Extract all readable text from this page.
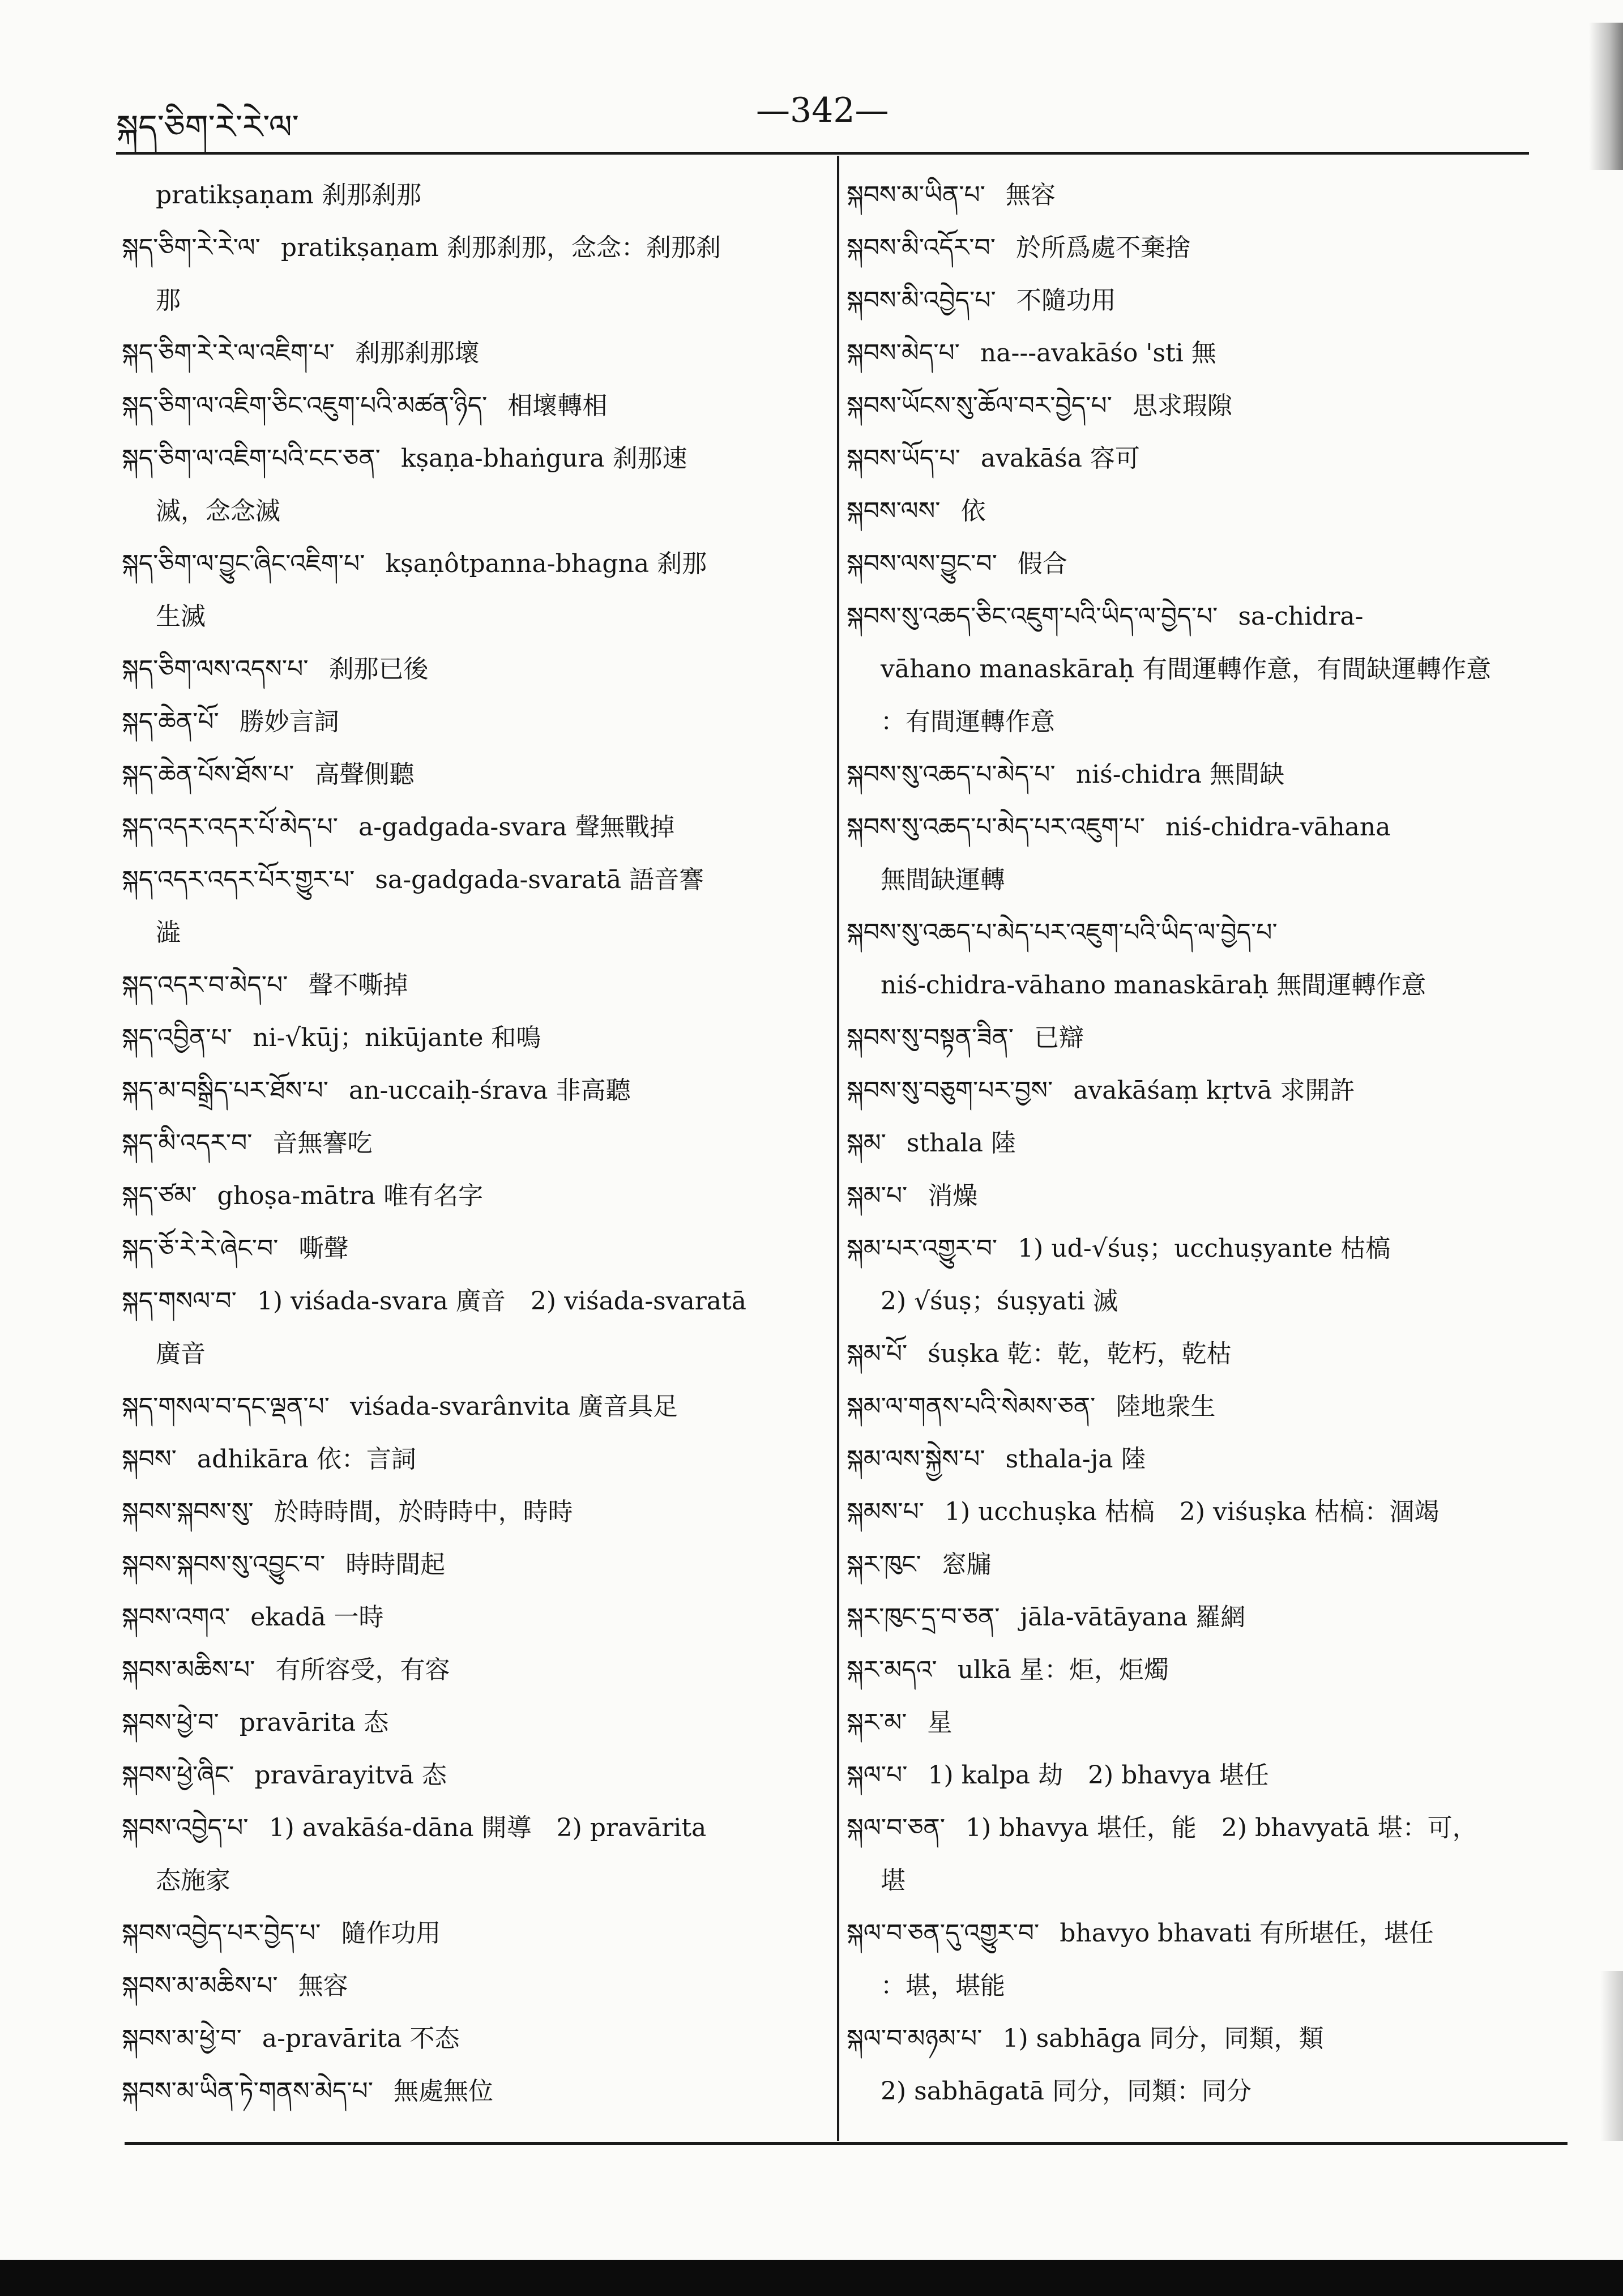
སྐད་ཅིག་རེ་རེ་ལ་	—342—
pratikṣaṇam 刹那刹那
སྐད་ཅིག་རེ་རེ་ལ་ pratikṣaṇam 刹那刹那，念念：刹那刹
那
སྐད་ཅིག་རེ་རེ་ལ་འཇིག་པ་ 刹那刹那壞
སྐད་ཅིག་ལ་འཇིག་ཅིང་འཇུག་པའི་མཚན་ཉིད་ 相壞轉相
སྐད་ཅིག་ལ་འཇིག་པའི་ངང་ཅན་ kṣaṇa-bhaṅgura 刹那速
滅，念念滅
སྐད་ཅིག་ལ་བྱུང་ཞིང་འཇིག་པ་ kṣaṇôtpanna-bhagna 刹那
生滅
སྐད་ཅིག་ལས་འདས་པ་ 刹那已後
སྐད་ཆེན་པོ་ 勝妙言詞
སྐད་ཆེན་པོས་ཐོས་པ་ 高聲側聽
སྐད་འདར་འདར་པོ་མེད་པ་ a-gadgada-svara 聲無戰掉
སྐད་འདར་འདར་པོར་གྱུར་པ་ sa-gadgada-svaratā 語音謇
澁
སྐད་འདར་བ་མེད་པ་ 聲不嘶掉
སྐད་འབྱིན་པ་ ni-√kūj；nikūjante 和鳴
སྐད་མ་བསྒྲིད་པར་ཐོས་པ་ an-uccaiḥ-śrava 非高聽
སྐད་མི་འདར་བ་ 音無謇吃
སྐད་ཙམ་ ghoṣa-mātra 唯有名字
སྐད་ཅོ་རེ་རེ་ཞེང་བ་ 嘶聲
སྐད་གསལ་བ་ 1) viśada-svara 廣音　2) viśada-svaratā
廣音
སྐད་གསལ་བ་དང་ལྡན་པ་ viśada-svarânvita 廣音具足
སྐབས་ adhikāra 依：言詞
སྐབས་སྐབས་སུ་ 於時時間，於時時中，時時
སྐབས་སྐབས་སུ་འབྱུང་བ་ 時時間起
སྐབས་འགའ་ ekadā 一時
སྐབས་མཆིས་པ་ 有所容受，有容
སྐབས་ཕྱེ་བ་ pravārita 态
སྐབས་ཕྱེ་ཞིང་ pravārayitvā 态
སྐབས་འབྱེད་པ་ 1) avakāśa-dāna 開導　2) pravārita
态施家
སྐབས་འབྱེད་པར་བྱེད་པ་ 隨作功用
སྐབས་མ་མཆིས་པ་ 無容
སྐབས་མ་ཕྱེ་བ་ a-pravārita 不态
སྐབས་མ་ཡིན་ཏེ་གནས་མེད་པ་ 無處無位
སྐབས་མ་ཡིན་པ་ 無容
སྐབས་མི་འདོར་བ་ 於所爲處不棄捨
སྐབས་མི་འབྱེད་པ་ 不隨功用
སྐབས་མེད་པ་ na---avakāśo 'sti 無
སྐབས་ཡོངས་སུ་ཆོལ་བར་བྱེད་པ་ 思求瑕隙
སྐབས་ཡོད་པ་ avakāśa 容可
སྐབས་ལས་ 依
སྐབས་ལས་བྱུང་བ་ 假合
སྐབས་སུ་འཆད་ཅིང་འཇུག་པའི་ཡིད་ལ་བྱེད་པ་ sa-chidra-
vāhano manaskāraḥ 有間運轉作意，有間缺運轉作意
：有間運轉作意
སྐབས་སུ་འཆད་པ་མེད་པ་ niś-chidra 無間缺
སྐབས་སུ་འཆད་པ་མེད་པར་འཇུག་པ་ niś-chidra-vāhana
無間缺運轉
སྐབས་སུ་འཆད་པ་མེད་པར་འཇུག་པའི་ཡིད་ལ་བྱེད་པ་
niś-chidra-vāhano manaskāraḥ 無間運轉作意
སྐབས་སུ་བསྟན་ཟིན་ 已辯
སྐབས་སུ་བཅུག་པར་བྱས་ avakāśaṃ kṛtvā 求開許
སྐམ་ sthala 陸
སྐམ་པ་ 消燥
སྐམ་པར་འགྱུར་བ་ 1) ud-√śuṣ；ucchuṣyante 枯槁
2) √śuṣ；śuṣyati 滅
སྐམ་པོ་ śuṣka 乾：乾，乾朽，乾枯
སྐམ་ལ་གནས་པའི་སེམས་ཅན་ 陸地衆生
སྐམ་ལས་སྐྱེས་པ་ sthala-ja 陸
སྐམས་པ་ 1) ucchuṣka 枯槁　2) viśuṣka 枯槁：涸竭
སྐར་ཁུང་ 窓牖
སྐར་ཁུང་དྲ་བ་ཅན་ jāla-vātāyana 羅網
སྐར་མདའ་ ulkā 星：炬，炬燭
སྐར་མ་ 星
སྐལ་པ་ 1) kalpa 劫　2) bhavya 堪任
སྐལ་བ་ཅན་ 1) bhavya 堪任，能　2) bhavyatā 堪：可，
堪
སྐལ་བ་ཅན་དུ་འགྱུར་བ་ bhavyo bhavati 有所堪任，堪任
：堪，堪能
སྐལ་བ་མཉམ་པ་ 1) sabhāga 同分，同類，類
2) sabhāgatā 同分，同類：同分
